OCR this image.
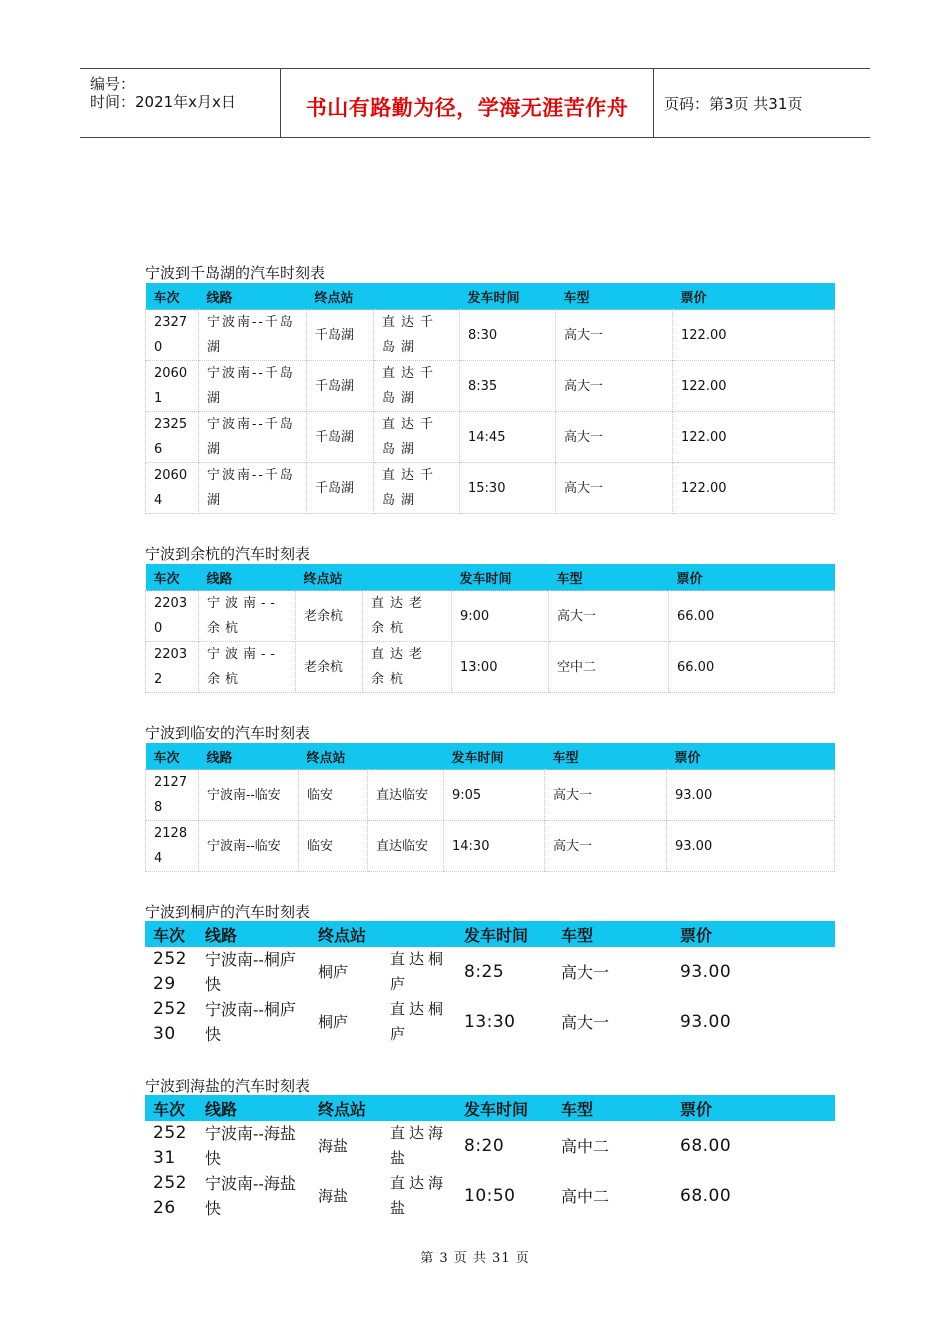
编号：
时间：2021年x月x日	书山有路勤为径，学海无涯苦作舟	页码：第3页 共31页
宁波到千岛湖的汽车时刻表
车次	线路	终点站		发车时间	车型	票价
23270	宁波南--千岛湖	千岛湖	直达千岛湖	8:30	高大一	122.00
20601	宁波南--千岛湖	千岛湖	直达千岛湖	8:35	高大一	122.00
23256	宁波南--千岛湖	千岛湖	直达千岛湖	14:45	高大一	122.00
20604	宁波南--千岛湖	千岛湖	直达千岛湖	15:30	高大一	122.00
宁波到余杭的汽车时刻表
车次	线路	终点站		发车时间	车型	票价
22030	宁波南--余杭	老余杭	直达老余杭	9:00	高大一	66.00
22032	宁波南--余杭	老余杭	直达老余杭	13:00	空中二	66.00
宁波到临安的汽车时刻表
车次	线路	终点站		发车时间	车型	票价
21278	宁波南--临安	临安	直达临安	9:05	高大一	93.00
21284	宁波南--临安	临安	直达临安	14:30	高大一	93.00
宁波到桐庐的汽车时刻表
车次	线路	终点站		发车时间	车型	票价
25229	宁波南--桐庐快	桐庐	直达桐庐	8:25	高大一	93.00
25230	宁波南--桐庐快	桐庐	直达桐庐	13:30	高大一	93.00
宁波到海盐的汽车时刻表
车次	线路	终点站		发车时间	车型	票价
25231	宁波南--海盐快	海盐	直达海盐	8:20	高中二	68.00
25226	宁波南--海盐快	海盐	直达海盐	10:50	高中二	68.00
第 3 页 共 31 页
